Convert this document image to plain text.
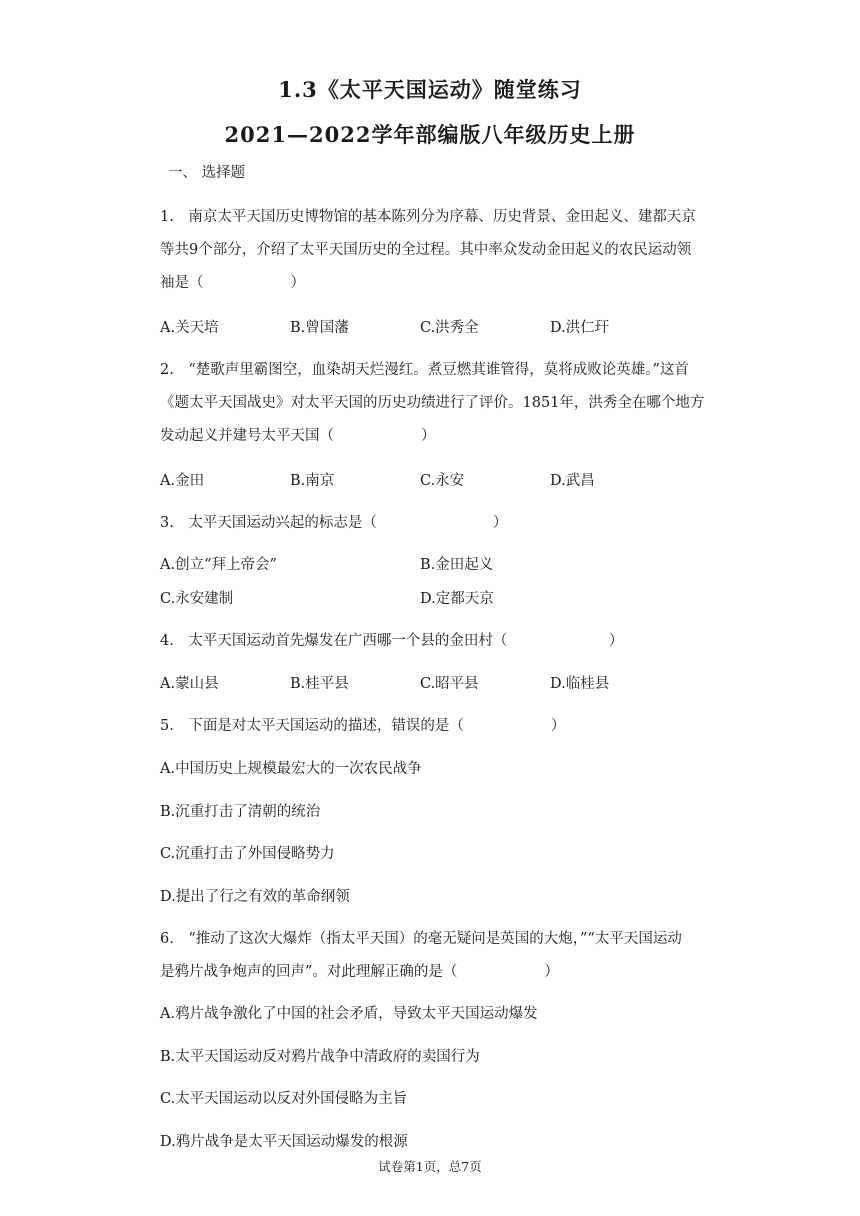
1.3《太平天国运动》随堂练习
2021—2022学年部编版八年级历史上册
一、 选择题
1.　南京太平天国历史博物馆的基本陈列分为序幕、历史背景、金田起义、建都天京
等共9个部分，介绍了太平天国历史的全过程。其中率众发动金田起义的农民运动领
袖是（　　　　　　）
A.关天培	B.曾国藩	C.洪秀全	D.洪仁玕
2.　“楚歌声里霸图空，血染胡天烂漫红。煮豆燃萁谁管得，莫将成败论英雄。”这首
《题太平天国战史》对太平天国的历史功绩进行了评价。1851年，洪秀全在哪个地方
发动起义并建号太平天国（　　　　　　）
A.金田	B.南京	C.永安	D.武昌
3.　太平天国运动兴起的标志是（　　　　　　　　）
A.创立“拜上帝会”	B.金田起义
C.永安建制	D.定都天京
4.　太平天国运动首先爆发在广西哪一个县的金田村（　　　　　　　）
A.蒙山县	B.桂平县	C.昭平县	D.临桂县
5.　下面是对太平天国运动的描述，错误的是（　　　　　　）
A.中国历史上规模最宏大的一次农民战争
B.沉重打击了清朝的统治
C.沉重打击了外国侵略势力
D.提出了行之有效的革命纲领
6.　“推动了这次大爆炸（指太平天国）的毫无疑问是英国的大炮，”“太平天国运动
是鸦片战争炮声的回声”。对此理解正确的是（　　　　　　）
A.鸦片战争激化了中国的社会矛盾，导致太平天国运动爆发
B.太平天国运动反对鸦片战争中清政府的卖国行为
C.太平天国运动以反对外国侵略为主旨
D.鸦片战争是太平天国运动爆发的根源
试卷第1页，总7页
